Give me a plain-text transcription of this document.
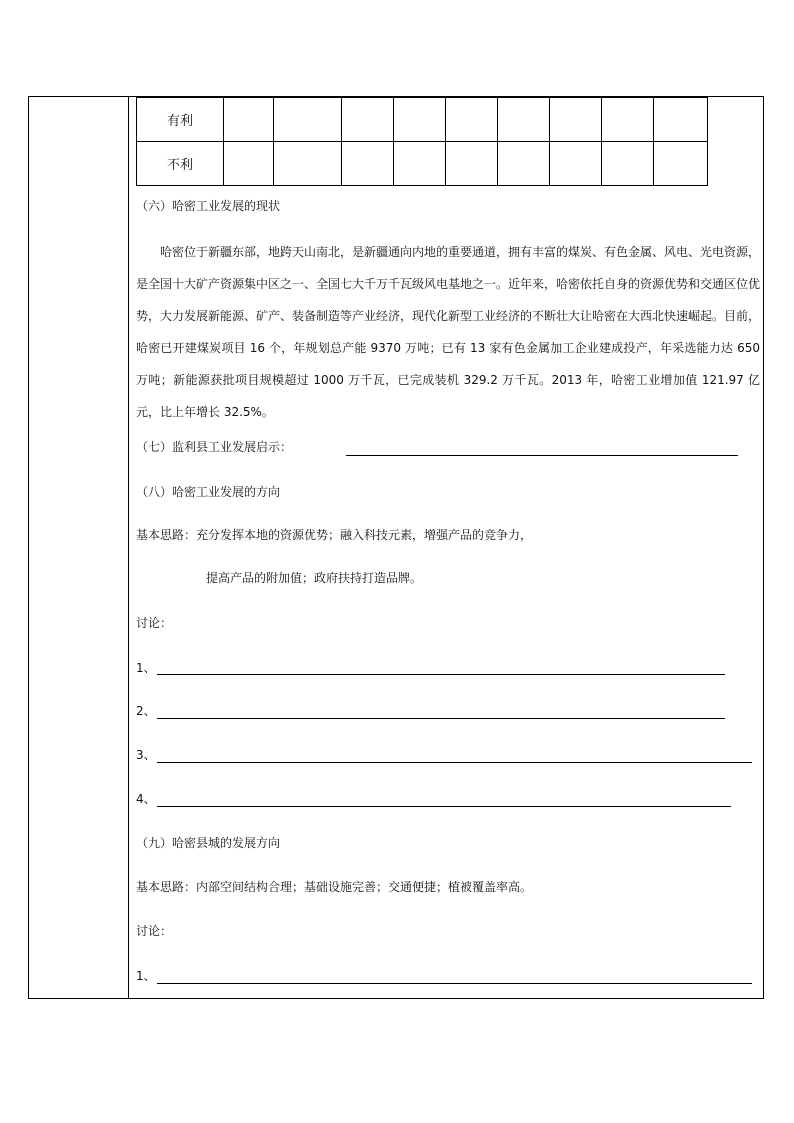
有利									
不利									
（六）哈密工业发展的现状
哈密位于新疆东部，地跨天山南北，是新疆通向内地的重要通道，拥有丰富的煤炭、有色金属、风电、光电资源，是全国十大矿产资源集中区之一、全国七大千万千瓦级风电基地之一。近年来，哈密依托自身的资源优势和交通区位优势，大力发展新能源、矿产、装备制造等产业经济，现代化新型工业经济的不断壮大让哈密在大西北快速崛起。目前，哈密已开建煤炭项目 16 个，年规划总产能 9370 万吨；已有 13 家有色金属加工企业建成投产，年采选能力达 650 万吨；新能源获批项目规模超过 1000 万千瓦，已完成装机 329.2 万千瓦。2013 年，哈密工业增加值 121.97 亿元，比上年增长 32.5%。
（七）监利县工业发展启示：
（八）哈密工业发展的方向
基本思路：充分发挥本地的资源优势；融入科技元素，增强产品的竞争力，
提高产品的附加值；政府扶持打造品牌。
讨论：
1、
2、
3、
4、
（九）哈密县城的发展方向
基本思路：内部空间结构合理；基础设施完善；交通便捷；植被覆盖率高。
讨论：
1、
